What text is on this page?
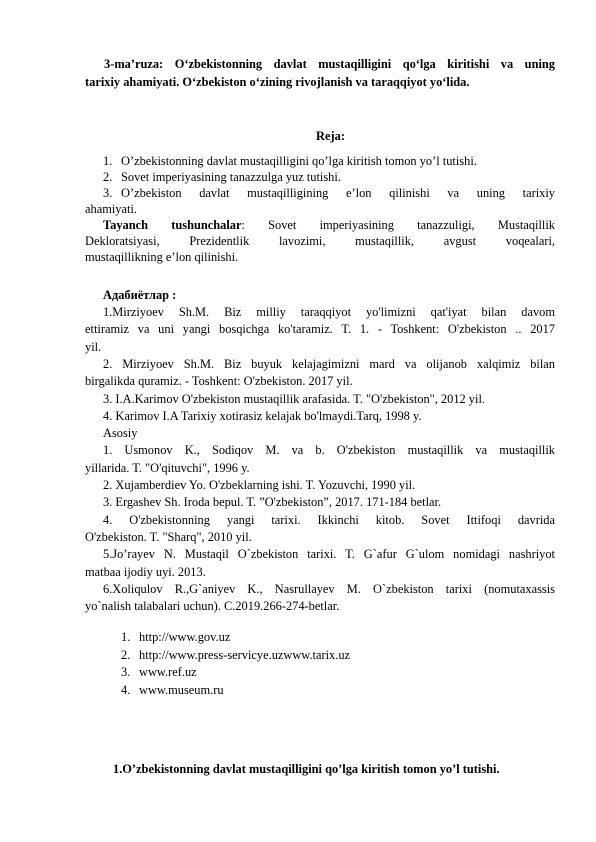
3-ma’ruza: O‘zbekistonning davlat mustaqilligini qo‘lga kiritishi va uning
tarixiy ahamiyati. O‘zbekiston o‘zining rivojlanish va taraqqiyot yo‘lida.
Reja:
1. O’zbekistonning davlat mustaqilligini qo’lga kiritish tomon yo’l tutishi.
2. Sovet imperiyasining tanazzulga yuz tutishi.
3. O’zbekiston davlat mustaqilligining e’lon qilinishi va uning tarixiy
ahamiyati.
Tayanch tushunchalar: Sovet imperiyasining tanazzuligi, Mustaqillik
Dekloratsiyasi, Prezidentlik lavozimi, mustaqillik, avgust voqealari,
mustaqillikning e’lon qilinishi.
Адабиётлар :
1.Mirziyoev Sh.M. Biz milliy taraqqiyot yo'limizni qat'iyat bilan davom
ettiramiz va uni yangi bosqichga ko'taramiz. T. 1. - Toshkent: O'zbekiston .. 2017
yil.
2. Mirziyoev Sh.M. Biz buyuk kelajagimizni mard va olijanob xalqimiz bilan
birgalikda quramiz. - Toshkent: O'zbekiston. 2017 yil.
3. I.A.Karimov O'zbekiston mustaqillik arafasida. T. "O'zbekiston", 2012 yil.
4. Karimov I.A Tarixiy xotirasiz kelajak bo'lmaydi.Tarq, 1998 y.
Asosiy
1. Usmonov K., Sodiqov M. va b. O'zbekiston mustaqillik va mustaqillik
yillarida. T. "O'qituvchi", 1996 y.
2. Xujamberdiev Yo. O'zbeklarning ishi. T. Yozuvchi, 1990 yil.
3. Ergashev Sh. Iroda bepul. T. ”O'zbekiston”, 2017. 171-184 betlar.
4. O'zbekistonning yangi tarixi. Ikkinchi kitob. Sovet Ittifoqi davrida
O'zbekiston. T. "Sharq", 2010 yil.
5.Jo’rayev N. Mustaqil O`zbekiston tarixi. T. G`afur G`ulom nomidagi nashriyot
matbaa ijodiy uyi. 2013.
6.Xoliqulov R.,G`aniyev K., Nasrullayev M. O`zbekiston tarixi (nomutaxassis
yo`nalish talabalari uchun). C.2019.266-274-betlar.
1. http://www.gov.uz
2. http://www.press-servicye.uzwww.tarix.uz
3. www.ref.uz
4. www.museum.ru
1.O’zbekistonning davlat mustaqilligini qo’lga kiritish tomon yo’l tutishi.
